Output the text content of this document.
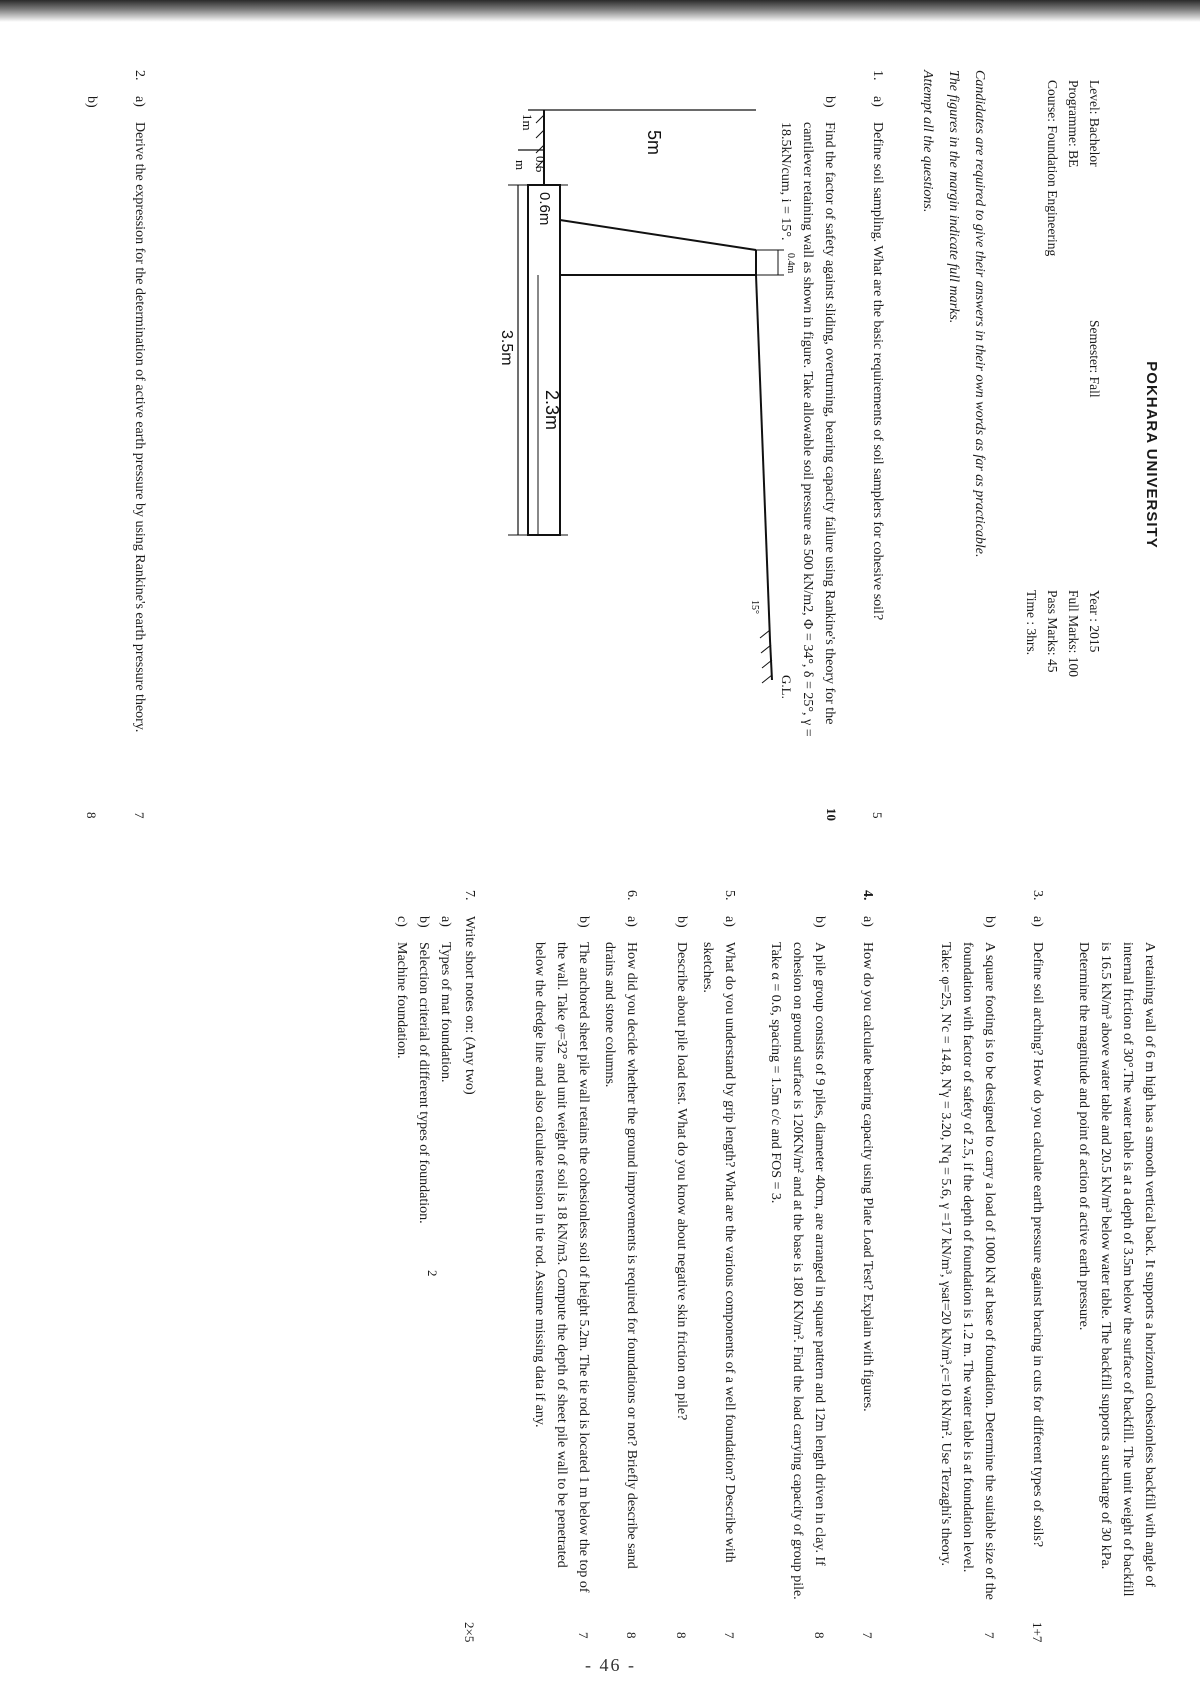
POKHARA UNIVERSITY
Level: Bachelor
Programme: BE
Course: Foundation Engineering
Semester: Fall
Year : 2015
Full Marks: 100
Pass Marks: 45
Time : 3hrs.
Candidates are required to give their answers in their own words as far as practicable.
The figures in the margin indicate full marks.
Attempt all the questions.
1.
a)
Define soil sampling. What are the basic requirements of soil samplers for cohesive soil?
5
b)
Find the factor of safety against sliding, overturning, bearing capacity failure using Rankine's theory for the cantilever retaining wall as shown in figure. Take allowable soil pressure as 500 kN/m2, Φ = 34°, δ = 25°, γ = 18.5kN/cum, i = 15°.
10
0.4m
5m
1m
0.6
m
0.6m
2.3m
3.5m
G.L.
15°
2.
a)
Derive the expression for the determination of active earth pressure by using Rankine's earth pressure theory.
7
b)
8
A retaining wall of 6 m high has a smooth vertical back. It supports a horizontal cohesionless backfill with angle of internal friction of 30°.The water table is at a depth of 3.5m below the surface of backfill. The unit weight of backfill is 16.5 kN/m³ above water table and 20.5 kN/m³ below water table. The backfill supports a surcharge of 30 kPa. Determine the magnitude and point of action of active earth pressure.
3.
a)
Define soil arching? How do you calculate earth pressure against bracing in cuts for different types of soils?
1+7
b)
A square footing is to be designed to carry a load of 1000 kN at base of foundation. Determine the suitable size of the foundation with factor of safety of 2.5, if the depth of foundation is 1.2 m. The water table is at foundation level. Take: φ=25, N'c = 14.8, N'γ = 3.20, N'q = 5.6, γ =17 kN/m³, γsat=20 kN/m³,c=10 kN/m². Use Terzaghi's theory.
7
4.
a)
How do you calculate bearing capacity using Plate Load Test? Explain with figures.
7
b)
A pile group consists of 9 piles, diameter 40cm, are arranged in square pattern and 12m length driven in clay. If cohesion on ground surface is 120KN/m² and at the base is 180 KN/m². Find the load carrying capacity of group pile. Take α = 0.6, spacing = 1.5m c/c and FOS = 3.
8
5.
a)
What do you understand by grip length? What are the various components of a well foundation? Describe with sketches.
7
b)
Describe about pile load test. What do you know about negative skin friction on pile?
8
6.
a)
How did you decide whether the ground improvements is required for foundations or not? Briefly describe sand drains and stone columns.
8
b)
The anchored sheet pile wall retains the cohesionless soil of height 5.2m. The tie rod is located 1 m below the top of the wall. Take φ=32° and unit weight of soil is 18 kN/m3. Compute the depth of sheet pile wall to be penetrated below the dredge line and also calculate tension in tie rod. Assume missing data if any.
7
7.
Write short notes on: (Any two)
2×5
a)
Types of mat foundation.
b)
Selection criterial of different types of foundation.
c)
Machine foundation.
2
- 46 -
